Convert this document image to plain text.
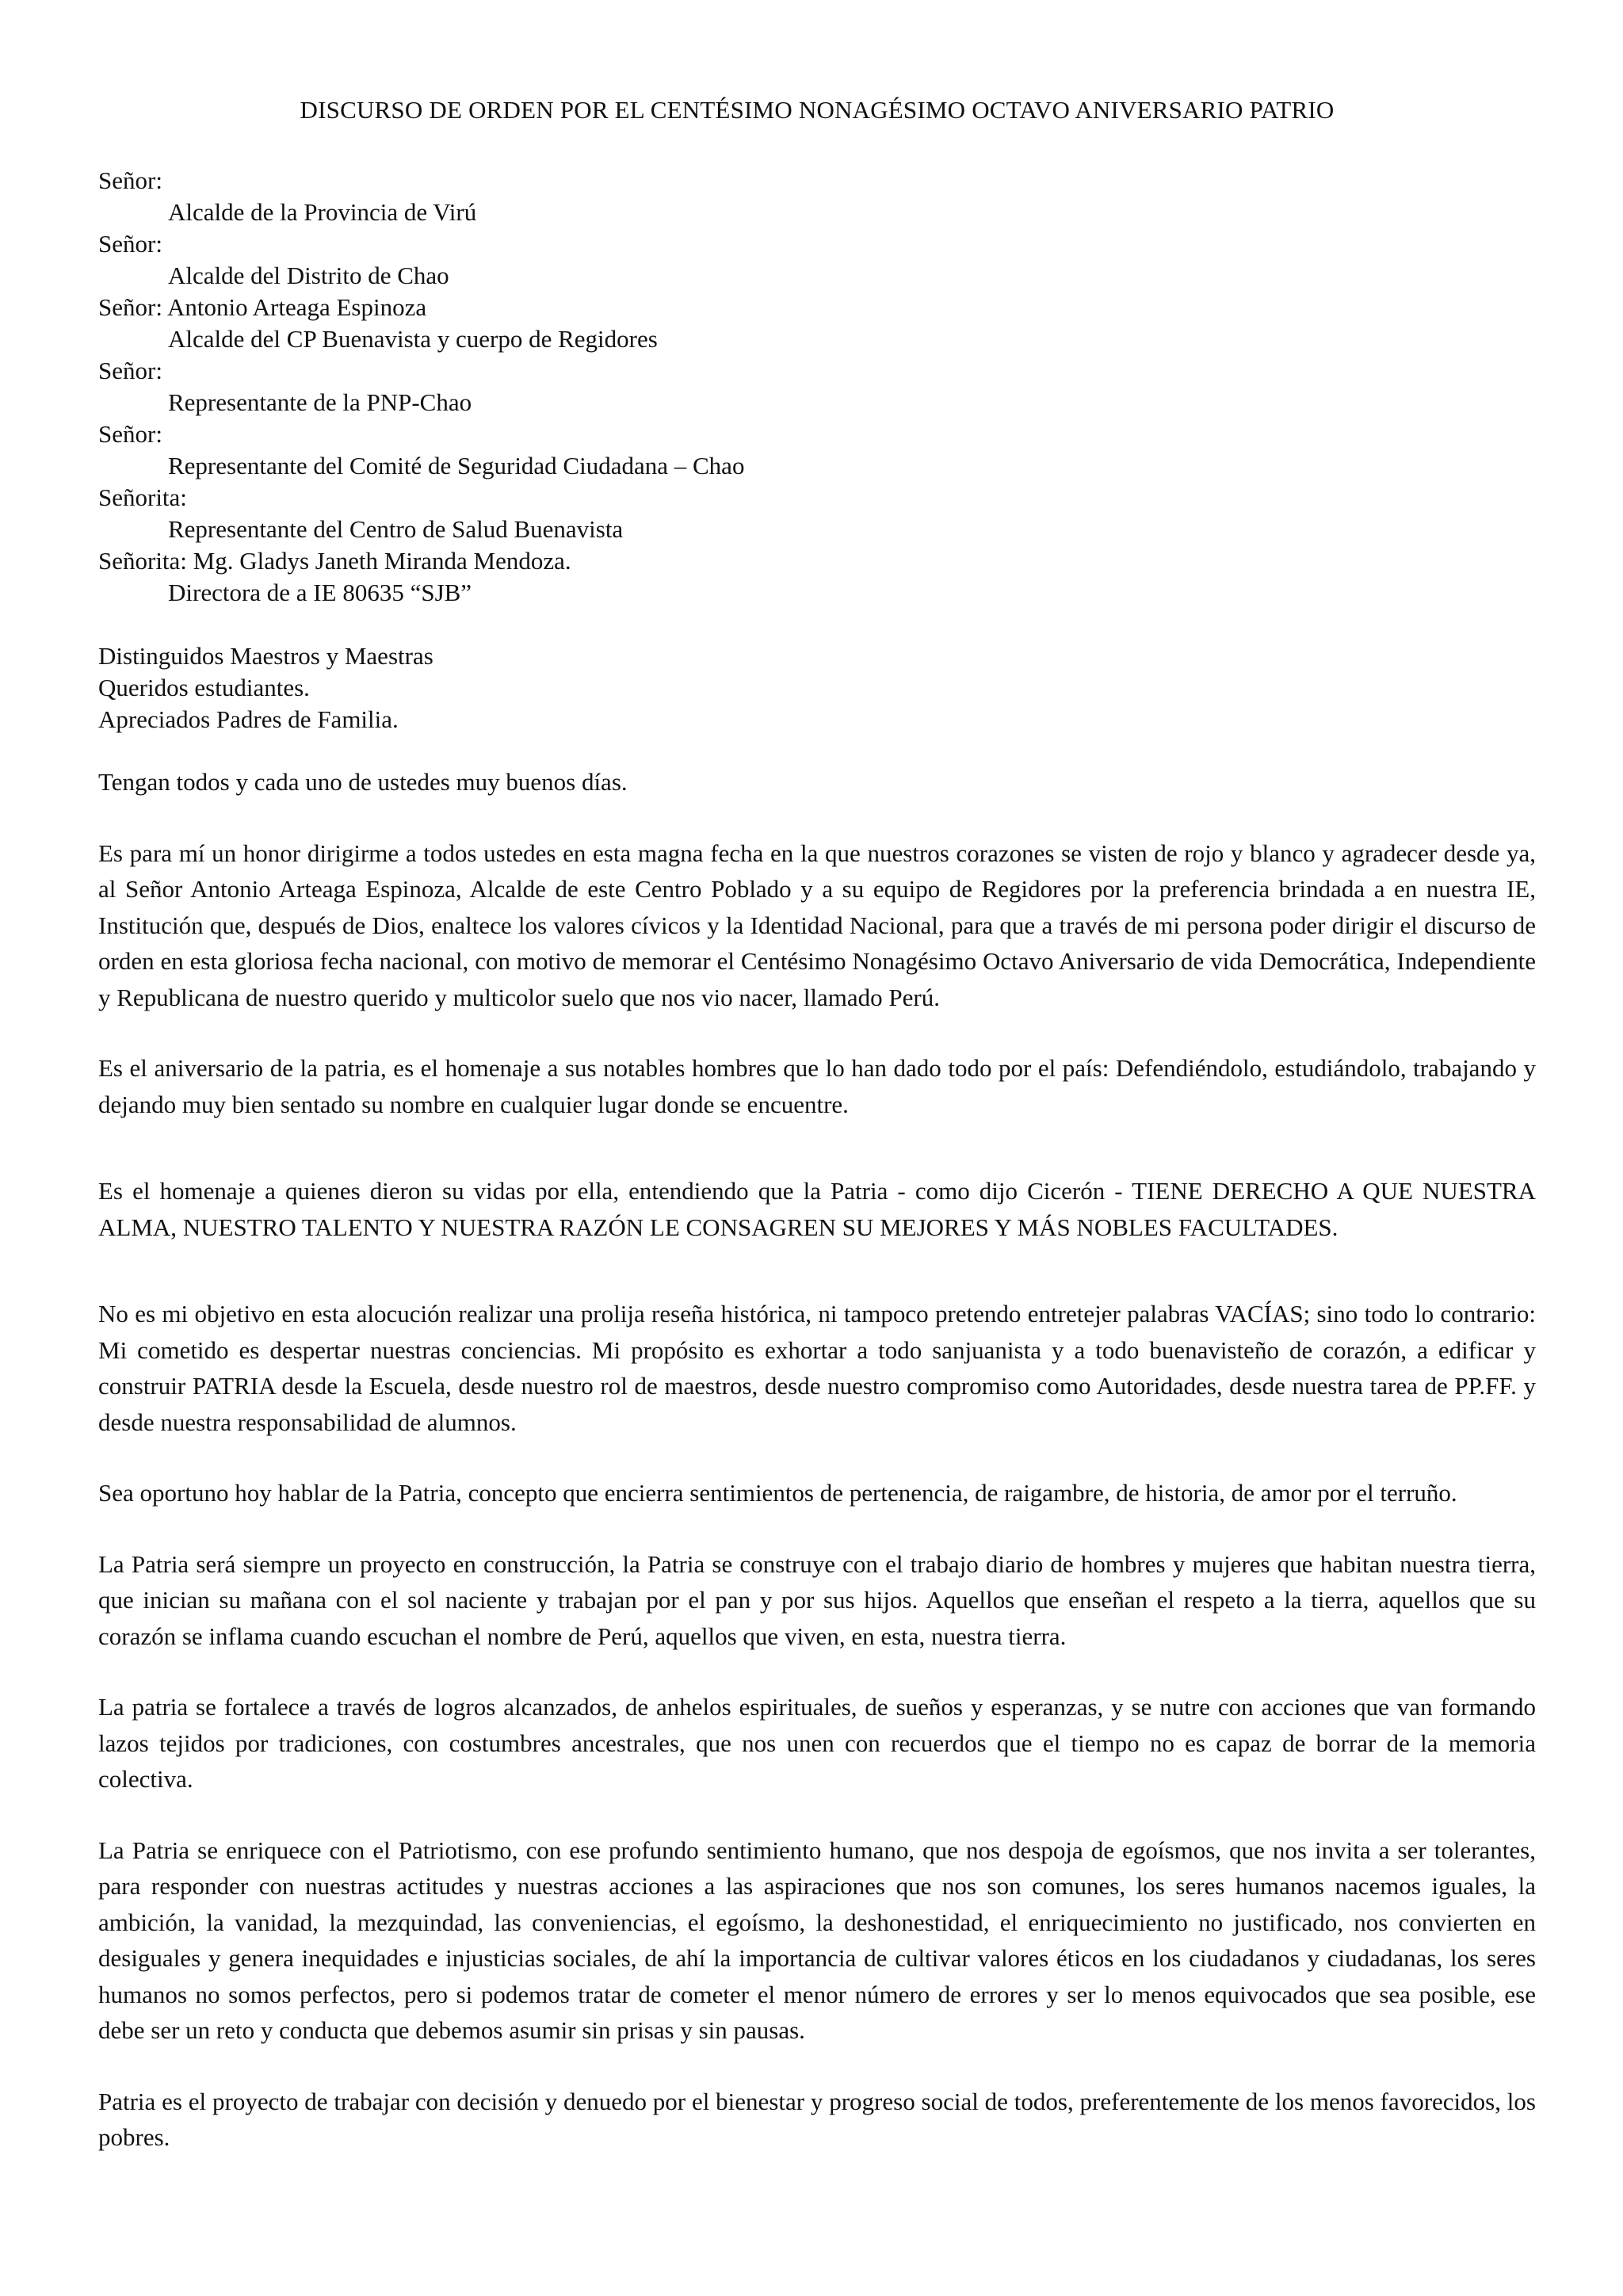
DISCURSO DE ORDEN POR EL CENTÉSIMO NONAGÉSIMO OCTAVO ANIVERSARIO PATRIO
Señor:
Alcalde de la Provincia de Virú
Señor:
Alcalde del Distrito de Chao
Señor: Antonio Arteaga Espinoza
Alcalde del CP Buenavista y cuerpo de Regidores
Señor:
Representante de la PNP-Chao
Señor:
Representante del Comité de Seguridad Ciudadana – Chao
Señorita:
Representante del Centro de Salud Buenavista
Señorita: Mg. Gladys Janeth Miranda Mendoza.
Directora de a IE 80635 “SJB”
Distinguidos Maestros y Maestras
Queridos estudiantes.
Apreciados Padres de Familia.

Tengan todos y cada uno de ustedes muy buenos días.

Es para mí un honor dirigirme a todos ustedes en esta magna fecha en la que nuestros corazones se visten de rojo y blanco y agradecer desde ya, al Señor Antonio Arteaga Espinoza, Alcalde de este Centro Poblado y a su equipo de Regidores por la preferencia brindada a en nuestra IE, Institución que, después de Dios, enaltece los valores cívicos y la Identidad Nacional, para que a través de mi persona poder dirigir el discurso de orden en esta gloriosa fecha nacional, con motivo de memorar el Centésimo Nonagésimo Octavo Aniversario de vida Democrática, Independiente y Republicana de nuestro querido y multicolor suelo que nos vio nacer, llamado Perú.

Es el aniversario de la patria, es el homenaje a sus notables hombres que lo han dado todo por el país: Defendiéndolo, estudiándolo, trabajando y dejando muy bien sentado su nombre en cualquier lugar donde se encuentre.

Es el homenaje a quienes dieron su vidas por ella, entendiendo que la Patria - como dijo Cicerón - TIENE DERECHO A QUE NUESTRA ALMA, NUESTRO TALENTO Y NUESTRA RAZÓN LE CONSAGREN SU MEJORES Y MÁS NOBLES FACULTADES.

No es mi objetivo en esta alocución realizar una prolija reseña histórica, ni tampoco pretendo entretejer palabras VACÍAS; sino todo lo contrario: Mi cometido es despertar nuestras conciencias. Mi propósito es exhortar a todo sanjuanista y a todo buenavisteño de corazón, a edificar y construir PATRIA desde la Escuela, desde nuestro rol de maestros, desde nuestro compromiso como Autoridades, desde nuestra tarea de PP.FF. y desde nuestra responsabilidad de alumnos.

Sea oportuno hoy hablar de la Patria, concepto que encierra sentimientos de pertenencia, de raigambre, de historia, de amor por el terruño.

La Patria será siempre un proyecto en construcción, la Patria se construye con el trabajo diario de hombres y mujeres que habitan nuestra tierra, que inician su mañana con el sol naciente y trabajan por el pan y por sus hijos. Aquellos que enseñan el respeto a la tierra, aquellos que su corazón se inflama cuando escuchan el nombre de Perú, aquellos que viven, en esta, nuestra tierra.

La patria se fortalece a través de logros alcanzados, de anhelos espirituales, de sueños y esperanzas, y se nutre con acciones que van formando lazos tejidos por tradiciones, con costumbres ancestrales, que nos unen con recuerdos que el tiempo no es capaz de borrar de la memoria colectiva.

La Patria se enriquece con el Patriotismo, con ese profundo sentimiento humano, que nos despoja de egoísmos, que nos invita a ser tolerantes, para responder con nuestras actitudes y nuestras acciones a las aspiraciones que nos son comunes, los seres humanos nacemos iguales, la ambición, la vanidad, la mezquindad, las conveniencias, el egoísmo, la deshonestidad, el enriquecimiento no justificado, nos convierten en desiguales y genera inequidades e injusticias sociales, de ahí la importancia de cultivar valores éticos en los ciudadanos y ciudadanas, los seres humanos no somos perfectos, pero si podemos tratar de cometer el menor número de errores y ser lo menos equivocados que sea posible, ese debe ser un reto y conducta que debemos asumir sin prisas y sin pausas.

Patria es el proyecto de trabajar con decisión y denuedo por el bienestar y progreso social de todos, preferentemente de los menos favorecidos, los pobres.
